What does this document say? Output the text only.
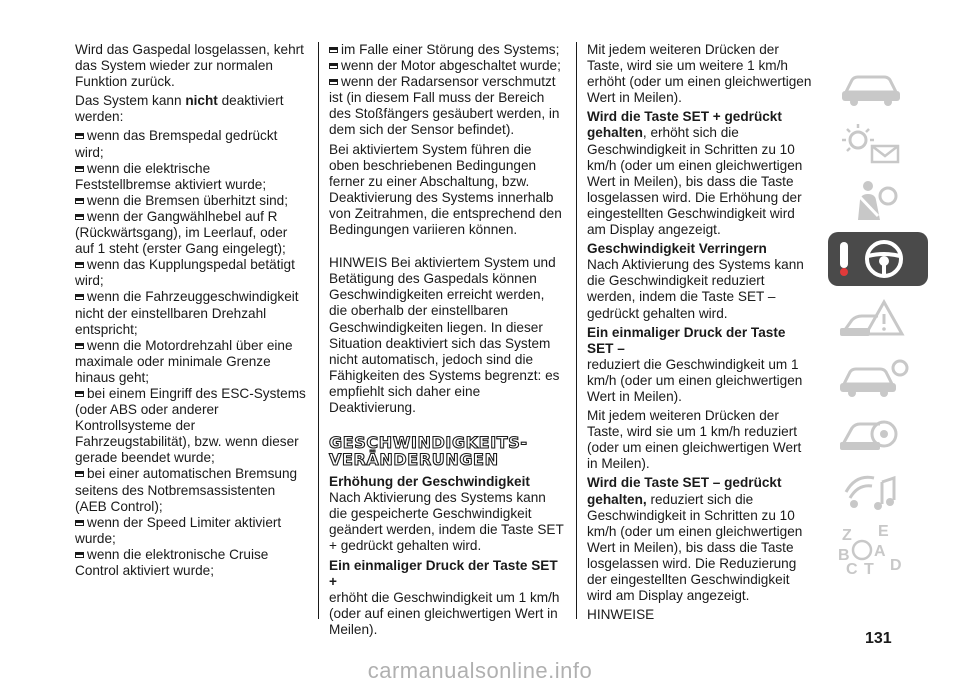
Wird das Gaspedal losgelassen, kehrt das System wieder zur normalen Funktion zurück.

Das System kann nicht deaktiviert werden:

wenn das Bremspedal gedrückt wird;
wenn die elektrische Feststellbremse aktiviert wurde;
wenn die Bremsen überhitzt sind;
wenn der Gangwählhebel auf R (Rückwärtsgang), im Leerlauf, oder auf 1 steht (erster Gang eingelegt);
wenn das Kupplungspedal betätigt wird;
wenn die Fahrzeuggeschwindigkeit nicht der einstellbaren Drehzahl entspricht;
wenn die Motordrehzahl über eine maximale oder minimale Grenze hinaus geht;
bei einem Eingriff des ESC-Systems (oder ABS oder anderer Kontrollsysteme der Fahrzeugstabilität), bzw. wenn dieser gerade beendet wurde;
bei einer automatischen Bremsung seitens des Notbremsassistenten (AEB Control);
wenn der Speed Limiter aktiviert wurde;
wenn die elektronische Cruise Control aktiviert wurde;
im Falle einer Störung des Systems;
wenn der Motor abgeschaltet wurde;
wenn der Radarsensor verschmutzt ist (in diesem Fall muss der Bereich des Stoßfängers gesäubert werden, in dem sich der Sensor befindet).

Bei aktiviertem System führen die oben beschriebenen Bedingungen ferner zu einer Abschaltung, bzw. Deaktivierung des Systems innerhalb von Zeitrahmen, die entsprechend den Bedingungen variieren können.

HINWEIS Bei aktiviertem System und Betätigung des Gaspedals können Geschwindigkeiten erreicht werden, die oberhalb der einstellbaren Geschwindigkeiten liegen. In dieser Situation deaktiviert sich das System nicht automatisch, jedoch sind die Fähigkeiten des Systems begrenzt: es empfiehlt sich daher eine Deaktivierung.

GESCHWINDIGKEITS-
VERÄNDERUNGEN
Erhöhung der Geschwindigkeit

Nach Aktivierung des Systems kann die gespeicherte Geschwindigkeit geändert werden, indem die Taste SET + gedrückt gehalten wird.

Ein einmaliger Druck der Taste SET +

erhöht die Geschwindigkeit um 1 km/h (oder auf einen gleichwertigen Wert in Meilen).

Mit jedem weiteren Drücken der Taste, wird sie um weitere 1 km/h erhöht (oder um einen gleichwertigen Wert in Meilen).

Wird die Taste SET + gedrückt gehalten, erhöht sich die Geschwindigkeit in Schritten zu 10 km/h (oder um einen gleichwertigen Wert in Meilen), bis dass die Taste losgelassen wird. Die Erhöhung der eingestellten Geschwindigkeit wird am Display angezeigt.

Geschwindigkeit Verringern

Nach Aktivierung des Systems kann die Geschwindigkeit reduziert werden, indem die Taste SET – gedrückt gehalten wird.

Ein einmaliger Druck der Taste SET –

reduziert die Geschwindigkeit um 1 km/h (oder um einen gleichwertigen Wert in Meilen).

Mit jedem weiteren Drücken der Taste, wird sie um 1 km/h reduziert (oder um einen gleichwertigen Wert in Meilen).

Wird die Taste SET – gedrückt gehalten, reduziert sich die Geschwindigkeit in Schritten zu 10 km/h (oder um einen gleichwertigen Wert in Meilen), bis dass die Taste losgelassen wird. Die Reduzierung der eingestellten Geschwindigkeit wird am Display angezeigt.

HINWEISE

Z E
B A
C T D
131
carmanualsonline.info
